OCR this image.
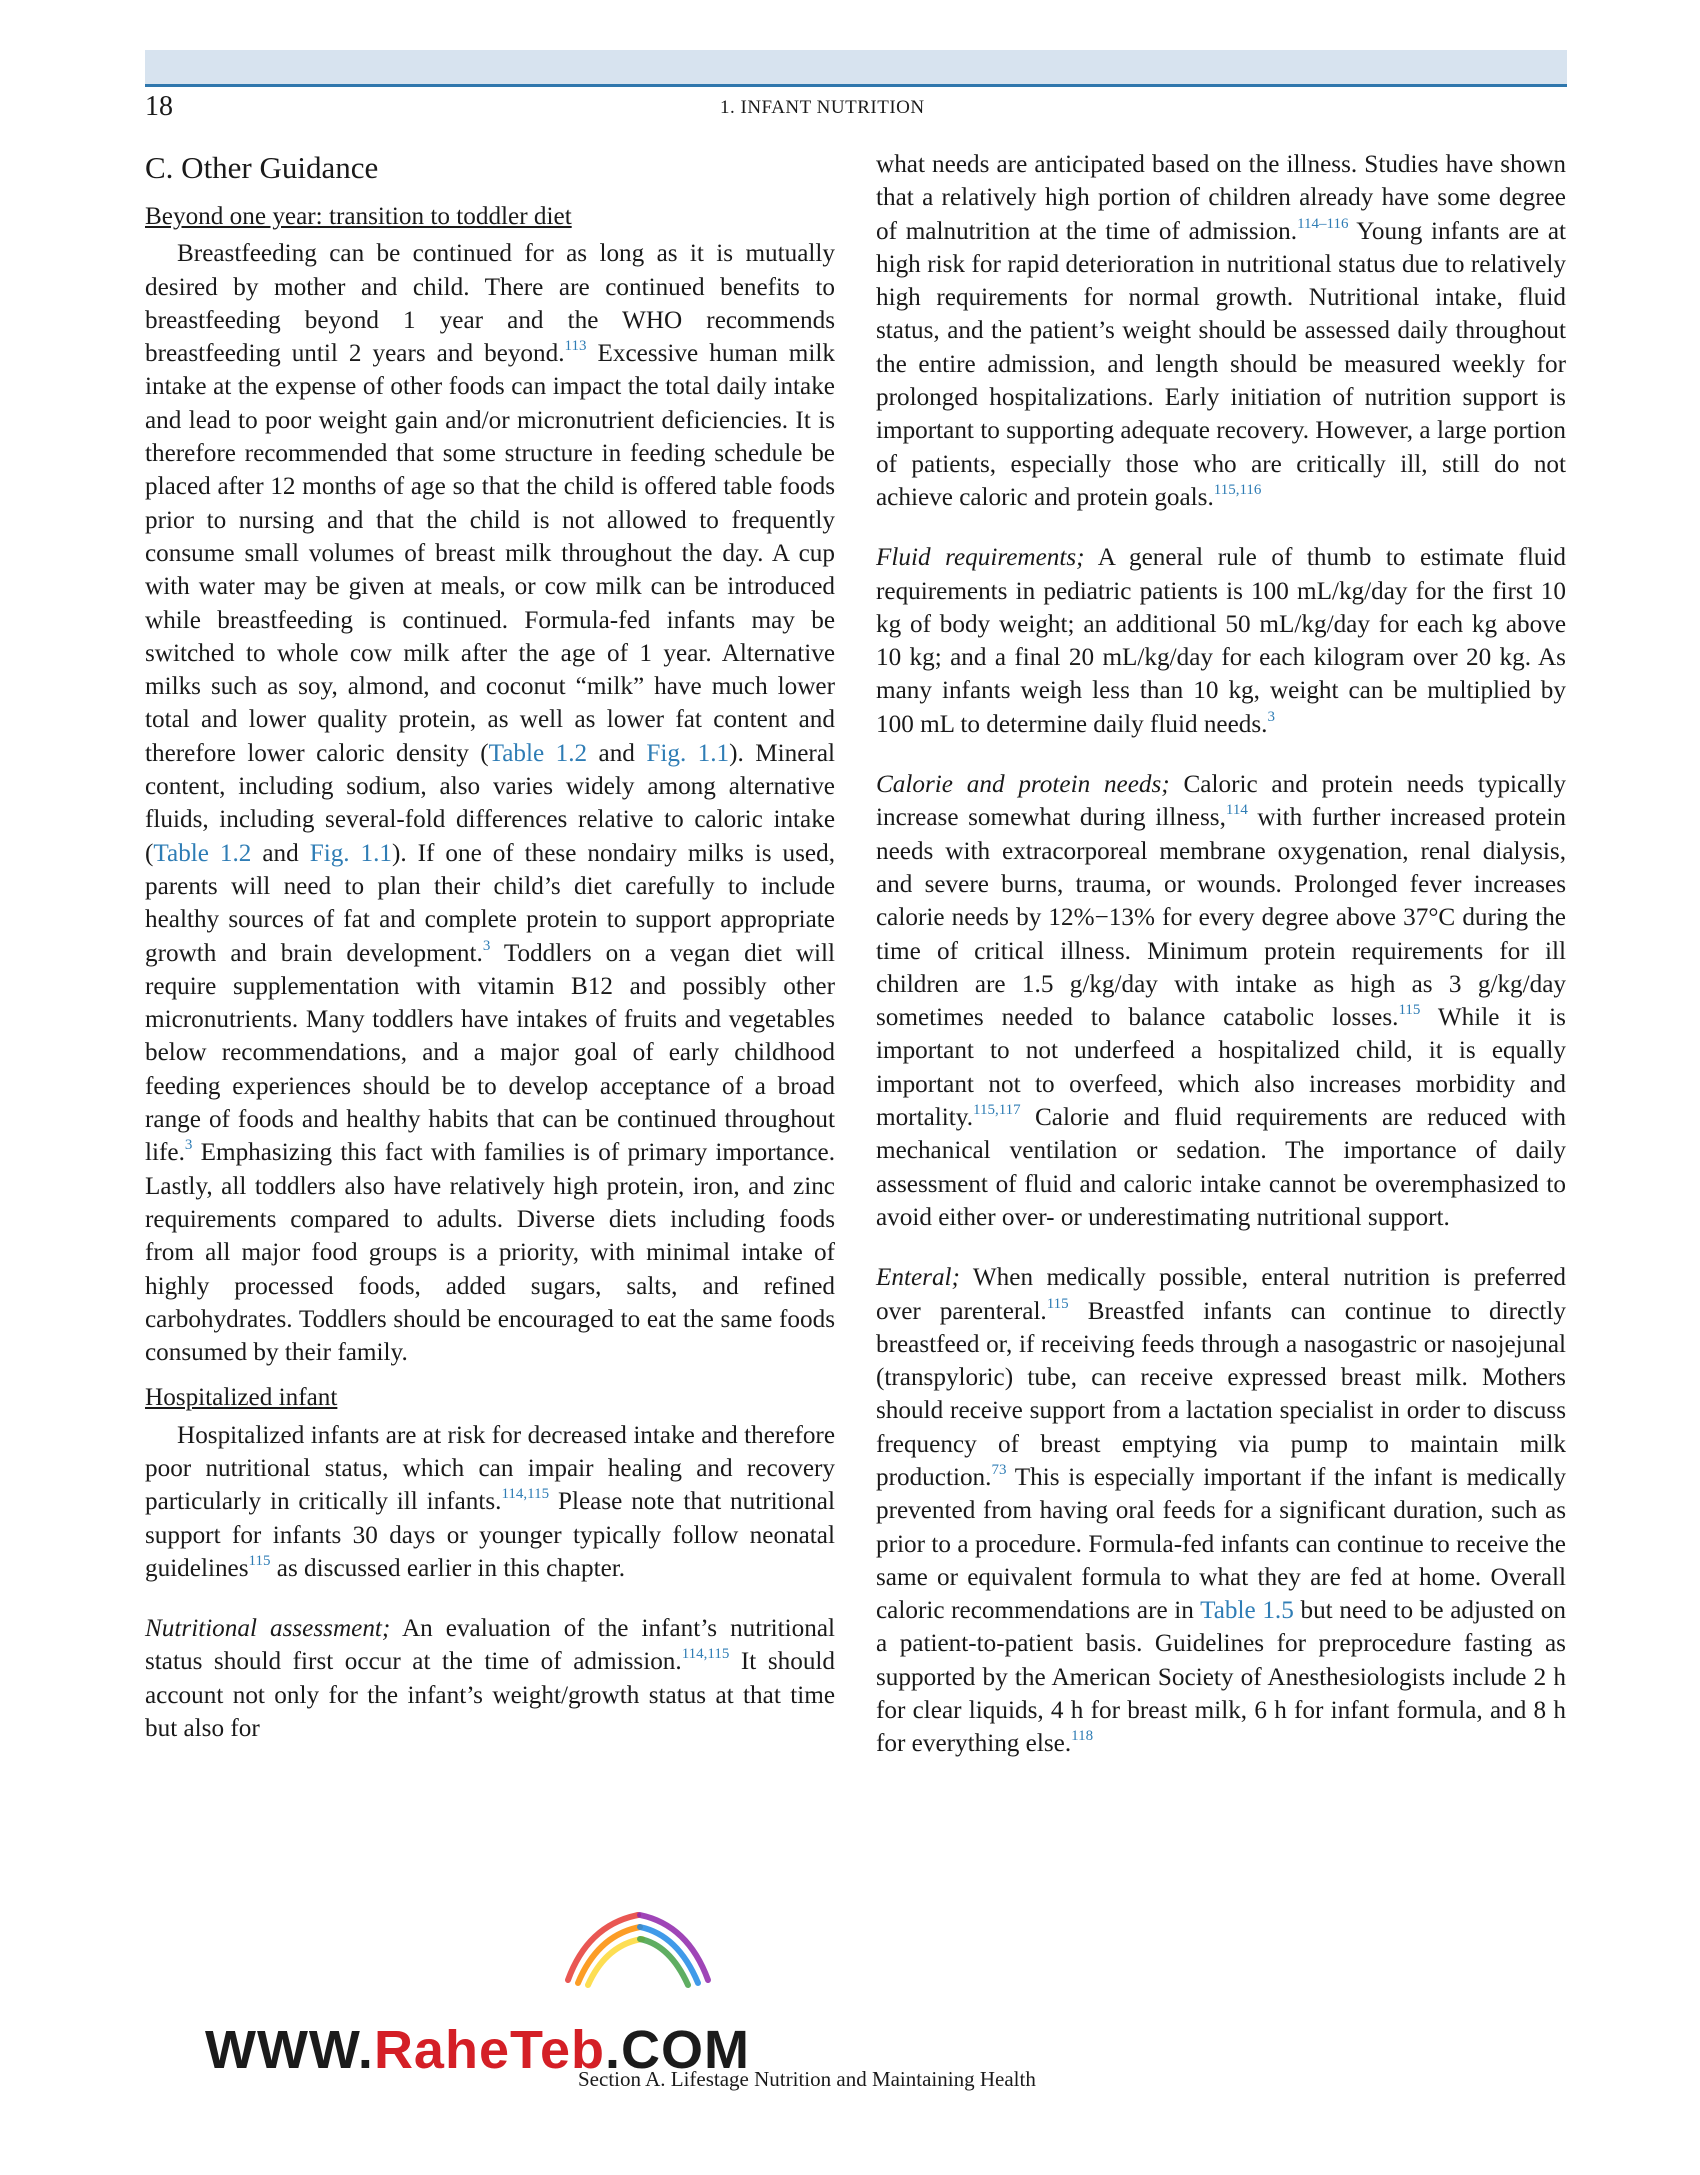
18	1. INFANT NUTRITION
C. Other Guidance
Beyond one year: transition to toddler diet

Breastfeeding can be continued for as long as it is mutually desired by mother and child. There are continued benefits to breastfeeding beyond 1 year and the WHO recommends breastfeeding until 2 years and beyond.$^{113}$ Excessive human milk intake at the expense of other foods can impact the total daily intake and lead to poor weight gain and/or micronutrient deficiencies. It is therefore recommended that some structure in feeding schedule be placed after 12 months of age so that the child is offered table foods prior to nursing and that the child is not allowed to frequently consume small volumes of breast milk throughout the day. A cup with water may be given at meals, or cow milk can be introduced while breastfeeding is continued. Formula-fed infants may be switched to whole cow milk after the age of 1 year. Alternative milks such as soy, almond, and coconut “milk” have much lower total and lower quality protein, as well as lower fat content and therefore lower caloric density (Table 1.2 and Fig. 1.1). Mineral content, including sodium, also varies widely among alternative fluids, including several-fold differences relative to caloric intake (Table 1.2 and Fig. 1.1). If one of these nondairy milks is used, parents will need to plan their child’s diet carefully to include healthy sources of fat and complete protein to support appropriate growth and brain development.$^3$ Toddlers on a vegan diet will require supplementation with vitamin B12 and possibly other micronutrients. Many toddlers have intakes of fruits and vegetables below recommendations, and a major goal of early childhood feeding experiences should be to develop acceptance of a broad range of foods and healthy habits that can be continued throughout life.$^3$ Emphasizing this fact with families is of primary importance. Lastly, all toddlers also have relatively high protein, iron, and zinc requirements compared to adults. Diverse diets including foods from all major food groups is a priority, with minimal intake of highly processed foods, added sugars, salts, and refined carbohydrates. Toddlers should be encouraged to eat the same foods consumed by their family.

Hospitalized infant

Hospitalized infants are at risk for decreased intake and therefore poor nutritional status, which can impair healing and recovery particularly in critically ill infants.$^{114,115}$ Please note that nutritional support for infants 30 days or younger typically follow neonatal guidelines$^{115}$ as discussed earlier in this chapter.

Nutritional assessment; An evaluation of the infant’s nutritional status should first occur at the time of admission.$^{114,115}$ It should account not only for the infant’s weight/growth status at that time but also for

what needs are anticipated based on the illness. Studies have shown that a relatively high portion of children already have some degree of malnutrition at the time of admission.$^{114-116}$ Young infants are at high risk for rapid deterioration in nutritional status due to relatively high requirements for normal growth. Nutritional intake, fluid status, and the patient’s weight should be assessed daily throughout the entire admission, and length should be measured weekly for prolonged hospitalizations. Early initiation of nutrition support is important to supporting adequate recovery. However, a large portion of patients, especially those who are critically ill, still do not achieve caloric and protein goals.$^{115,116}$

Fluid requirements; A general rule of thumb to estimate fluid requirements in pediatric patients is 100 mL/kg/day for the first 10 kg of body weight; an additional 50 mL/kg/day for each kg above 10 kg; and a final 20 mL/kg/day for each kilogram over 20 kg. As many infants weigh less than 10 kg, weight can be multiplied by 100 mL to determine daily fluid needs.$^3$

Calorie and protein needs; Caloric and protein needs typically increase somewhat during illness,$^{114}$ with further increased protein needs with extracorporeal membrane oxygenation, renal dialysis, and severe burns, trauma, or wounds. Prolonged fever increases calorie needs by 12%−13% for every degree above 37°C during the time of critical illness. Minimum protein requirements for ill children are 1.5 g/kg/day with intake as high as 3 g/kg/day sometimes needed to balance catabolic losses.$^{115}$ While it is important to not underfeed a hospitalized child, it is equally important not to overfeed, which also increases morbidity and mortality.$^{115,117}$ Calorie and fluid requirements are reduced with mechanical ventilation or sedation. The importance of daily assessment of fluid and caloric intake cannot be overemphasized to avoid either over- or underestimating nutritional support.

Enteral; When medically possible, enteral nutrition is preferred over parenteral.$^{115}$ Breastfed infants can continue to directly breastfeed or, if receiving feeds through a nasogastric or nasojejunal (transpyloric) tube, can receive expressed breast milk. Mothers should receive support from a lactation specialist in order to discuss frequency of breast emptying via pump to maintain milk production.$^{73}$ This is especially important if the infant is medically prevented from having oral feeds for a significant duration, such as prior to a procedure. Formula-fed infants can continue to receive the same or equivalent formula to what they are fed at home. Overall caloric recommendations are in Table 1.5 but need to be adjusted on a patient-to-patient basis. Guidelines for preprocedure fasting as supported by the American Society of Anesthesiologists include 2 h for clear liquids, 4 h for breast milk, 6 h for infant formula, and 8 h for everything else.$^{118}$

WWW.RaheTeb.COM
Section A. Lifestage Nutrition and Maintaining Health
